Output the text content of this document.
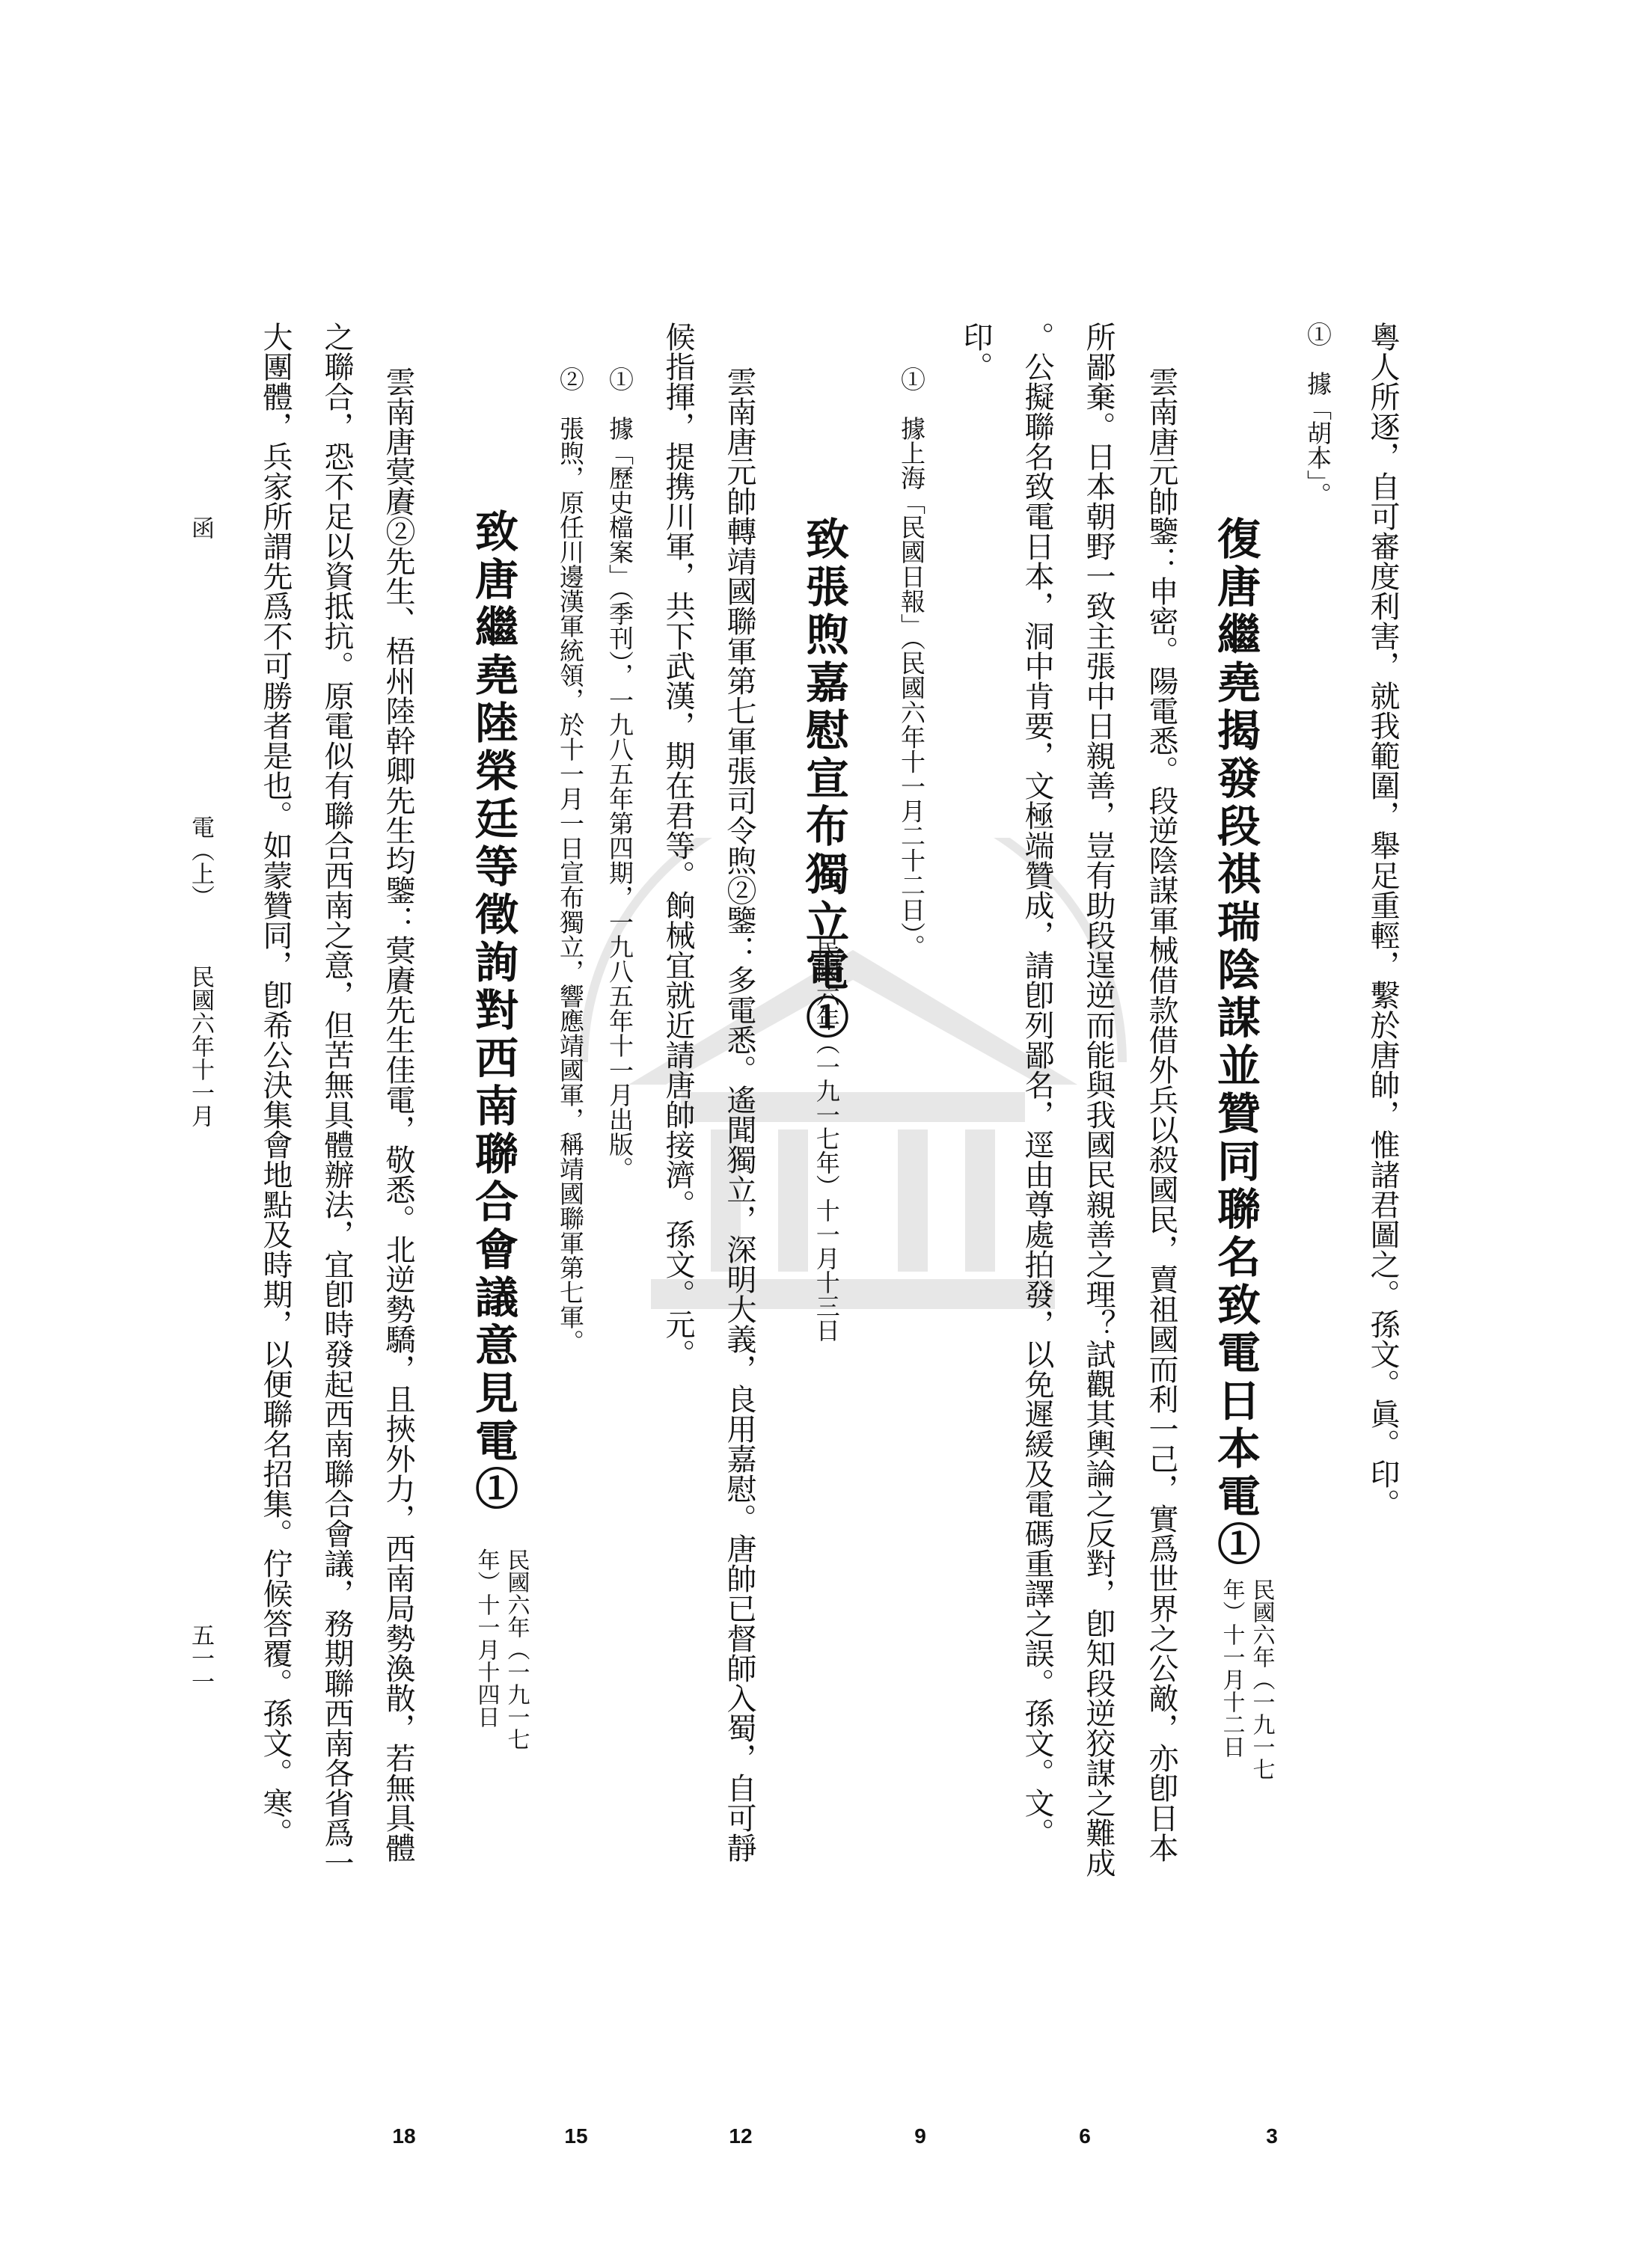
粵人所逐，自可審度利害，就我範圍，舉足重輕，繫於唐帥，惟諸君圖之。孫文。眞。印。
①　據「胡本」。
復唐繼堯揭發段祺瑞陰謀並贊同聯名致電日本電①
民國六年（一九一七
年）十一月十二日
雲南唐元帥鑒：申密。陽電悉。段逆陰謀軍械借款借外兵以殺國民，賣祖國而利一己，實爲世界之公敵，亦卽日本
所鄙棄。日本朝野一致主張中日親善，豈有助段逞逆而能與我國民親善之理？試觀其輿論之反對，卽知段逆狡謀之難成
。公擬聯名致電日本，洞中肯要，文極端贊成，請卽列鄙名，逕由尊處拍發，以免遲緩及電碼重譯之誤。孫文。文。
印。
①　據上海「民國日報」（民國六年十一月二十二日）。
致張煦嘉慰宣布獨立電①
民國六年（一九一七年）十一月十三日
雲南唐元帥轉靖國聯軍第七軍張司令煦②鑒：多電悉。遙聞獨立，深明大義，良用嘉慰。唐帥已督師入蜀，自可靜
候指揮，提携川軍，共下武漢，期在君等。餉械宜就近請唐帥接濟。孫文。元。
①　據「歷史檔案」（季刊），一九八五年第四期，一九八五年十一月出版。
②　張煦，原任川邊漢軍統領，於十一月一日宣布獨立，響應靖國軍，稱靖國聯軍第七軍。
致唐繼堯陸榮廷等徵詢對西南聯合會議意見電①
民國六年（一九一七
年）十一月十四日
雲南唐蓂賡②先生、梧州陸幹卿先生均鑒：蓂賡先生佳電，敬悉。北逆勢驕，且挾外力，西南局勢渙散，若無具體
之聯合，恐不足以資抵抗。原電似有聯合西南之意，但苦無具體辦法，宜卽時發起西南聯合會議，務期聯西南各省爲一
大團體，兵家所謂先爲不可勝者是也。如蒙贊同，卽希公決集會地點及時期，以便聯名招集。佇候答覆。孫文。寒。
3
6
9
12
15
18
函
電（上）
民國六年十一月
五一一
